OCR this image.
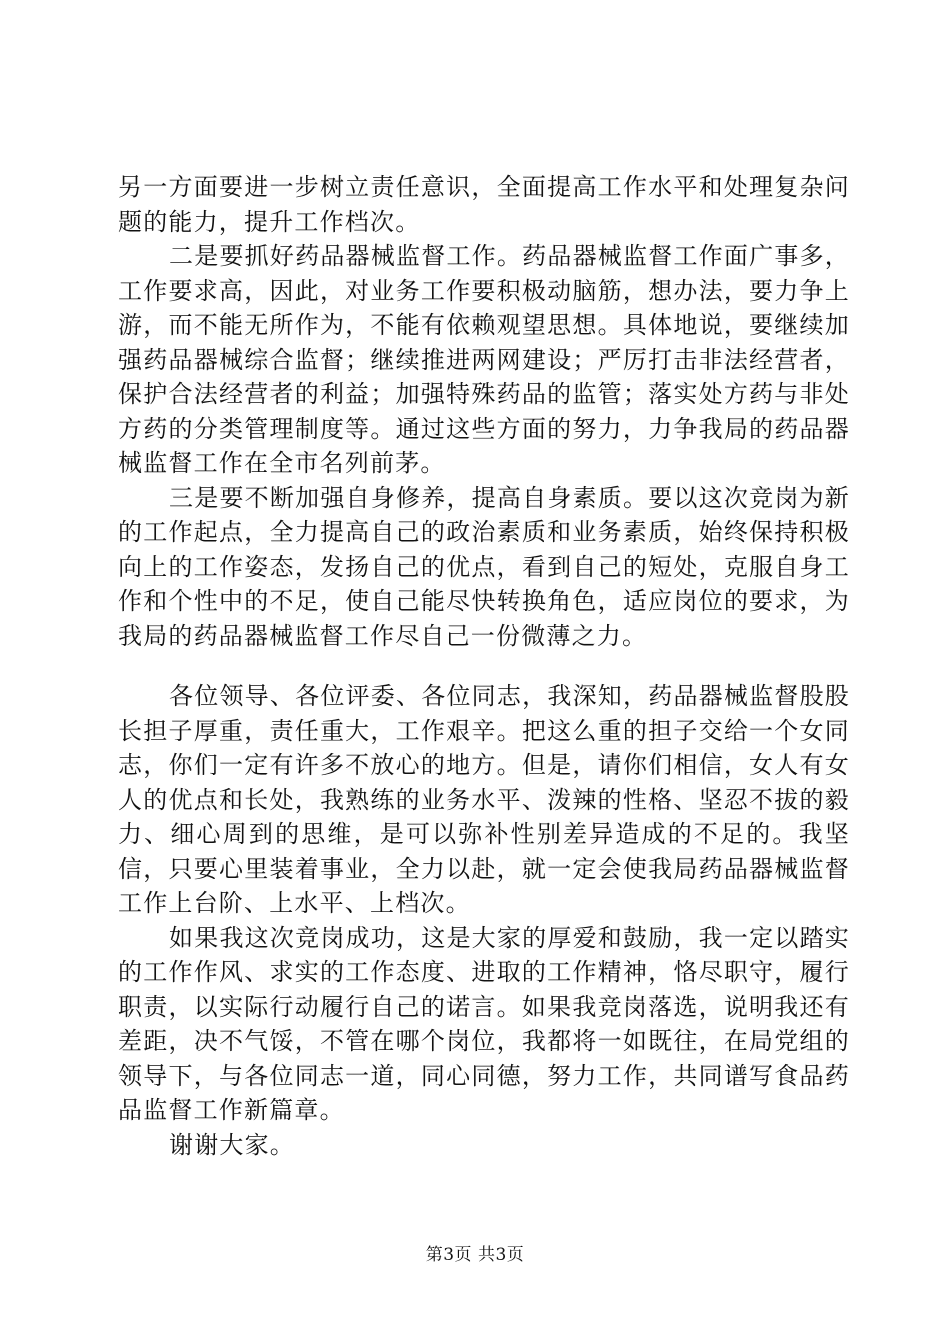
另一方面要进一步树立责任意识，全面提高工作水平和处理复杂问题的能力，提升工作档次。

二是要抓好药品器械监督工作。药品器械监督工作面广事多，工作要求高，因此，对业务工作要积极动脑筋，想办法，要力争上游，而不能无所作为，不能有依赖观望思想。具体地说，要继续加强药品器械综合监督；继续推进两网建设；严厉打击非法经营者，保护合法经营者的利益；加强特殊药品的监管；落实处方药与非处方药的分类管理制度等。通过这些方面的努力，力争我局的药品器械监督工作在全市名列前茅。

三是要不断加强自身修养，提高自身素质。要以这次竞岗为新的工作起点，全力提高自己的政治素质和业务素质，始终保持积极向上的工作姿态，发扬自己的优点，看到自己的短处，克服自身工作和个性中的不足，使自己能尽快转换角色，适应岗位的要求，为我局的药品器械监督工作尽自己一份微薄之力。

各位领导、各位评委、各位同志，我深知，药品器械监督股股长担子厚重，责任重大，工作艰辛。把这么重的担子交给一个女同志，你们一定有许多不放心的地方。但是，请你们相信，女人有女人的优点和长处，我熟练的业务水平、泼辣的性格、坚忍不拔的毅力、细心周到的思维，是可以弥补性别差异造成的不足的。我坚信，只要心里装着事业，全力以赴，就一定会使我局药品器械监督工作上台阶、上水平、上档次。

如果我这次竞岗成功，这是大家的厚爱和鼓励，我一定以踏实的工作作风、求实的工作态度、进取的工作精神，恪尽职守，履行职责，以实际行动履行自己的诺言。如果我竞岗落选，说明我还有差距，决不气馁，不管在哪个岗位，我都将一如既往，在局党组的领导下，与各位同志一道，同心同德，努力工作，共同谱写食品药品监督工作新篇章。

谢谢大家。

第3页 共3页
